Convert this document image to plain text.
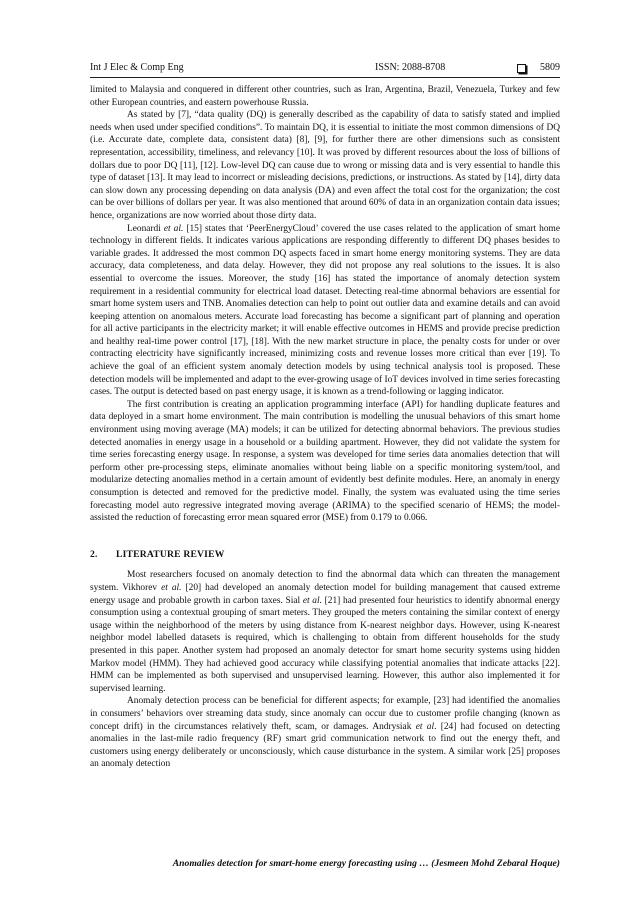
Int J Elec & Comp Eng	ISSN: 2088-8708	5809

limited to Malaysia and conquered in different other countries, such as Iran, Argentina, Brazil, Venezuela, Turkey and few other European countries, and eastern powerhouse Russia.

As stated by [7], “data quality (DQ) is generally described as the capability of data to satisfy stated and implied needs when used under specified conditions”. To maintain DQ, it is essential to initiate the most common dimensions of DQ (i.e. Accurate date, complete data, consistent data) [8], [9], for further there are other dimensions such as consistent representation, accessibility, timeliness, and relevancy [10]. It was proved by different resources about the loss of billions of dollars due to poor DQ [11], [12]. Low-level DQ can cause due to wrong or missing data and is very essential to handle this type of dataset [13]. It may lead to incorrect or misleading decisions, predictions, or instructions. As stated by [14], dirty data can slow down any processing depending on data analysis (DA) and even affect the total cost for the organization; the cost can be over billions of dollars per year. It was also mentioned that around 60% of data in an organization contain data issues; hence, organizations are now worried about those dirty data.

Leonardi et al. [15] states that ‘PeerEnergyCloud’ covered the use cases related to the application of smart home technology in different fields. It indicates various applications are responding differently to different DQ phases besides to variable grades. It addressed the most common DQ aspects faced in smart home energy monitoring systems. They are data accuracy, data completeness, and data delay. However, they did not propose any real solutions to the issues. It is also essential to overcome the issues. Moreover, the study [16] has stated the importance of anomaly detection system requirement in a residential community for electrical load dataset. Detecting real-time abnormal behaviors are essential for smart home system users and TNB. Anomalies detection can help to point out outlier data and examine details and can avoid keeping attention on anomalous meters. Accurate load forecasting has become a significant part of planning and operation for all active participants in the electricity market; it will enable effective outcomes in HEMS and provide precise prediction and healthy real-time power control [17], [18]. With the new market structure in place, the penalty costs for under or over contracting electricity have significantly increased, minimizing costs and revenue losses more critical than ever [19]. To achieve the goal of an efficient system anomaly detection models by using technical analysis tool is proposed. These detection models will be implemented and adapt to the ever-growing usage of IoT devices involved in time series forecasting cases. The output is detected based on past energy usage, it is known as a trend-following or lagging indicator.

The first contribution is creating an application programming interface (API) for handling duplicate features and data deployed in a smart home environment. The main contribution is modelling the unusual behaviors of this smart home environment using moving average (MA) models; it can be utilized for detecting abnormal behaviors. The previous studies detected anomalies in energy usage in a household or a building apartment. However, they did not validate the system for time series forecasting energy usage. In response, a system was developed for time series data anomalies detection that will perform other pre-processing steps, eliminate anomalies without being liable on a specific monitoring system/tool, and modularize detecting anomalies method in a certain amount of evidently best definite modules. Here, an anomaly in energy consumption is detected and removed for the predictive model. Finally, the system was evaluated using the time series forecasting model auto regressive integrated moving average (ARIMA) to the specified scenario of HEMS; the model-assisted the reduction of forecasting error mean squared error (MSE) from 0.179 to 0.066.

2. LITERATURE REVIEW

Most researchers focused on anomaly detection to find the abnormal data which can threaten the management system. Vikhorev et al. [20] had developed an anomaly detection model for building management that caused extreme energy usage and probable growth in carbon taxes. Sial et al. [21] had presented four heuristics to identify abnormal energy consumption using a contextual grouping of smart meters. They grouped the meters containing the similar context of energy usage within the neighborhood of the meters by using distance from K-nearest neighbor days. However, using K-nearest neighbor model labelled datasets is required, which is challenging to obtain from different households for the study presented in this paper. Another system had proposed an anomaly detector for smart home security systems using hidden Markov model (HMM). They had achieved good accuracy while classifying potential anomalies that indicate attacks [22]. HMM can be implemented as both supervised and unsupervised learning. However, this author also implemented it for supervised learning.

Anomaly detection process can be beneficial for different aspects; for example, [23] had identified the anomalies in consumers’ behaviors over streaming data study, since anomaly can occur due to customer profile changing (known as concept drift) in the circumstances relatively theft, scam, or damages. Andrysiak et al. [24] had focused on detecting anomalies in the last-mile radio frequency (RF) smart grid communication network to find out the energy theft, and customers using energy deliberately or unconsciously, which cause disturbance in the system. A similar work [25] proposes an anomaly detection

Anomalies detection for smart-home energy forecasting using … (Jesmeen Mohd Zebaral Hoque)
